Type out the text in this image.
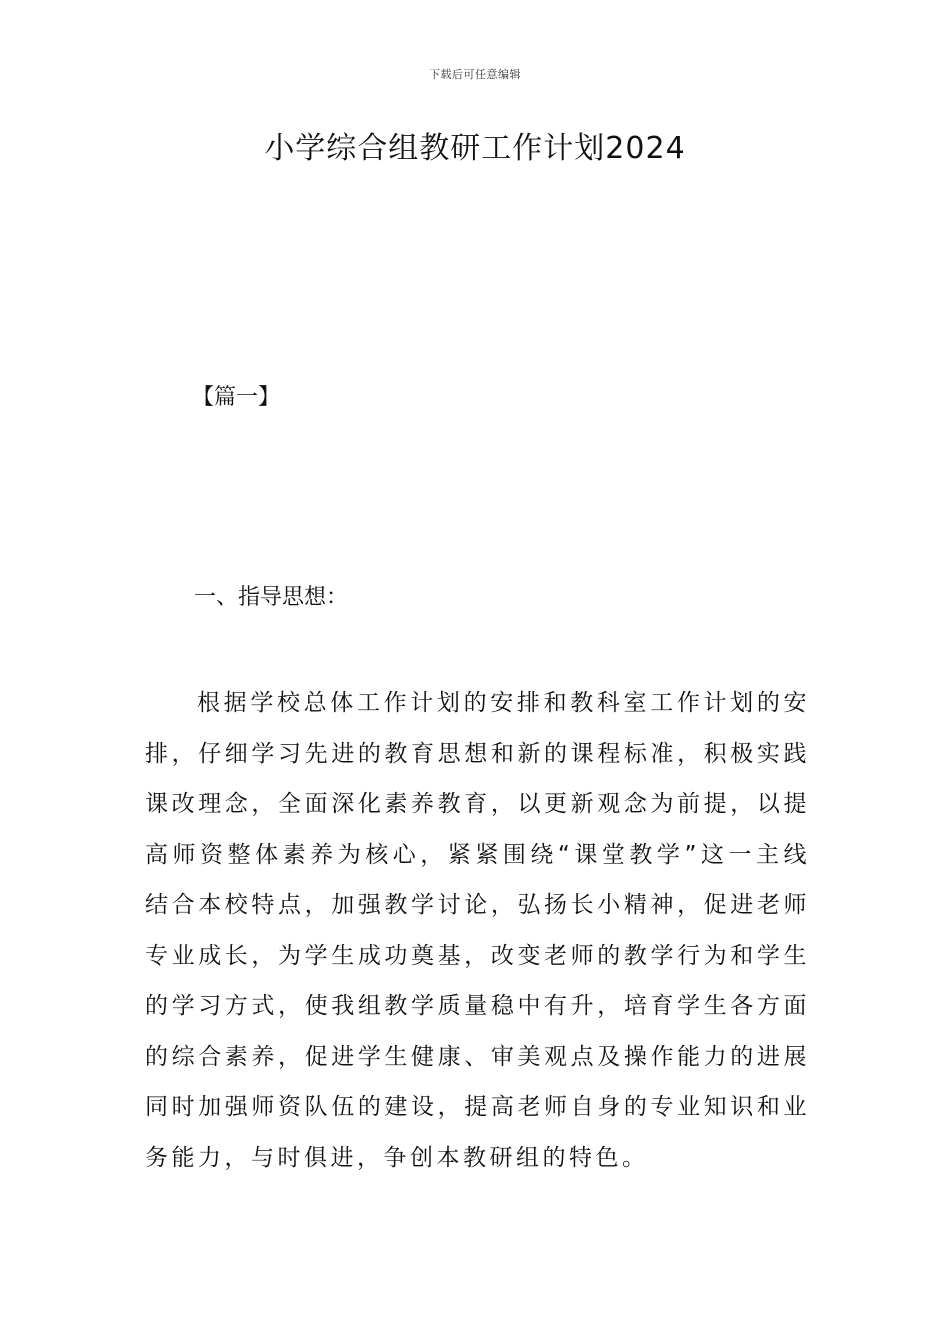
下载后可任意编辑
小学综合组教研工作计划2024
【篇一】
一、指导思想：

根据学校总体工作计划的安排和教科室工作计划的安排，仔细学习先进的教育思想和新的课程标准，积极实践课改理念，全面深化素养教育，以更新观念为前提，以提高师资整体素养为核心，紧紧围绕“课堂教学”这一主线结合本校特点，加强教学讨论，弘扬长小精神，促进老师专业成长，为学生成功奠基，改变老师的教学行为和学生的学习方式，使我组教学质量稳中有升，培育学生各方面的综合素养，促进学生健康、审美观点及操作能力的进展同时加强师资队伍的建设，提高老师自身的专业知识和业务能力，与时俱进，争创本教研组的特色。
